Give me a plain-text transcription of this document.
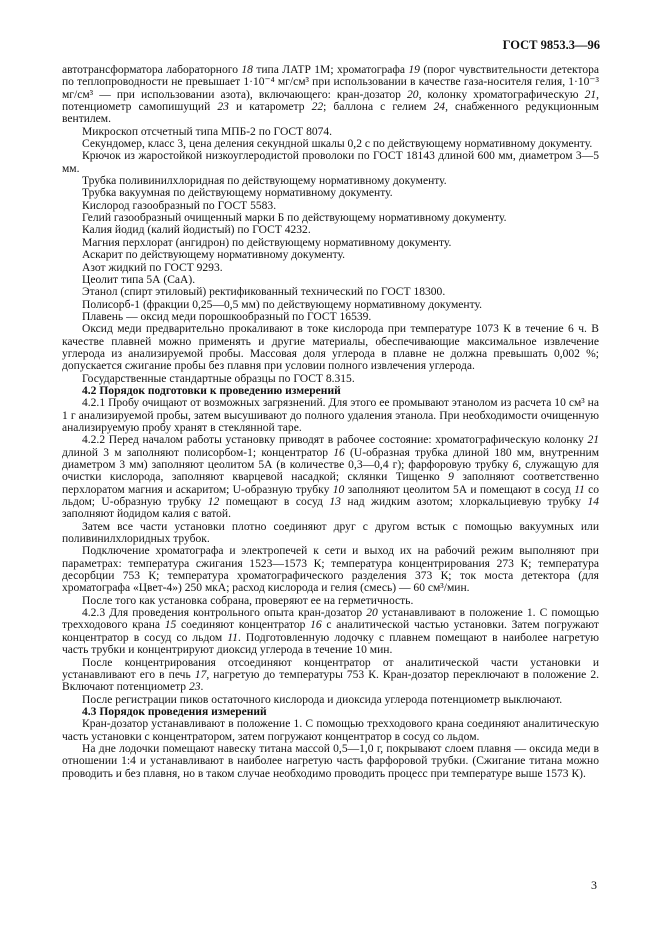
ГОСТ 9853.3—96

автотрансформатора лабораторного 18 типа ЛАТР 1М; хроматографа 19 (порог чувствительности детектора по теплопроводности не превышает 1·10⁻⁴ мг/см³ при использовании в качестве газа-носителя гелия, 1·10⁻³ мг/см³ — при использовании азота), включающего: кран-дозатор 20, колонку хроматографическую 21, потенциометр самопишущий 23 и катарометр 22; баллона с гелием 24, снабженного редукционным вентилем.

Микроскоп отсчетный типа МПБ-2 по ГОСТ 8074.

Секундомер, класс 3, цена деления секундной шкалы 0,2 с по действующему нормативному документу.

Крючок из жаростойкой низкоуглеродистой проволоки по ГОСТ 18143 длиной 600 мм, диаметром 3—5 мм.

Трубка поливинилхлоридная по действующему нормативному документу.

Трубка вакуумная по действующему нормативному документу.

Кислород газообразный по ГОСТ 5583.

Гелий газообразный очищенный марки Б по действующему нормативному документу.

Калия йодид (калий йодистый) по ГОСТ 4232.

Магния перхлорат (ангидрон) по действующему нормативному документу.

Аскарит по действующему нормативному документу.

Азот жидкий по ГОСТ 9293.

Цеолит типа 5А (СаА).

Этанол (спирт этиловый) ректификованный технический по ГОСТ 18300.

Полисорб-1 (фракции 0,25—0,5 мм) по действующему нормативному документу.

Плавень — оксид меди порошкообразный по ГОСТ 16539.

Оксид меди предварительно прокаливают в токе кислорода при температуре 1073 К в течение 6 ч. В качестве плавней можно применять и другие материалы, обеспечивающие максимальное извлечение углерода из анализируемой пробы. Массовая доля углерода в плавне не должна превышать 0,002 %; допускается сжигание пробы без плавня при условии полного извлечения углерода.

Государственные стандартные образцы по ГОСТ 8.315.

4.2 Порядок подготовки к проведению измерений

4.2.1 Пробу очищают от возможных загрязнений. Для этого ее промывают этанолом из расчета 10 см³ на 1 г анализируемой пробы, затем высушивают до полного удаления этанола. При необходимости очищенную анализируемую пробу хранят в стеклянной таре.

4.2.2 Перед началом работы установку приводят в рабочее состояние: хроматографическую колонку 21 длиной 3 м заполняют полисорбом-1; концентратор 16 (U-образная трубка длиной 180 мм, внутренним диаметром 3 мм) заполняют цеолитом 5А (в количестве 0,3—0,4 г); фарфоровую трубку 6, служащую для очистки кислорода, заполняют кварцевой насадкой; склянки Тищенко 9 заполняют соответственно перхлоратом магния и аскаритом; U-образную трубку 10 заполняют цеолитом 5А и помещают в сосуд 11 со льдом; U-образную трубку 12 помещают в сосуд 13 над жидким азотом; хлоркальциевую трубку 14 заполняют йодидом калия с ватой.

Затем все части установки плотно соединяют друг с другом встык с помощью вакуумных или поливинилхлоридных трубок.

Подключение хроматографа и электропечей к сети и выход их на рабочий режим выполняют при параметрах: температура сжигания 1523—1573 К; температура концентрирования 273 К; температура десорбции 753 К; температура хроматографического разделения 373 К; ток моста детектора (для хроматографа «Цвет-4») 250 мкА; расход кислорода и гелия (смесь) — 60 см³/мин.

После того как установка собрана, проверяют ее на герметичность.

4.2.3 Для проведения контрольного опыта кран-дозатор 20 устанавливают в положение 1. С помощью трехходового крана 15 соединяют концентратор 16 с аналитической частью установки. Затем погружают концентратор в сосуд со льдом 11. Подготовленную лодочку с плавнем помещают в наиболее нагретую часть трубки и концентрируют диоксид углерода в течение 10 мин.

После концентрирования отсоединяют концентратор от аналитической части установки и устанавливают его в печь 17, нагретую до температуры 753 К. Кран-дозатор переключают в положение 2. Включают потенциометр 23.

После регистрации пиков остаточного кислорода и диоксида углерода потенциометр выключают.

4.3 Порядок проведения измерений

Кран-дозатор устанавливают в положение 1. С помощью трехходового крана соединяют аналитическую часть установки с концентратором, затем погружают концентратор в сосуд со льдом.

На дне лодочки помещают навеску титана массой 0,5—1,0 г, покрывают слоем плавня — оксида меди в отношении 1:4 и устанавливают в наиболее нагретую часть фарфоровой трубки. (Сжигание титана можно проводить и без плавня, но в таком случае необходимо проводить процесс при температуре выше 1573 К).

3
